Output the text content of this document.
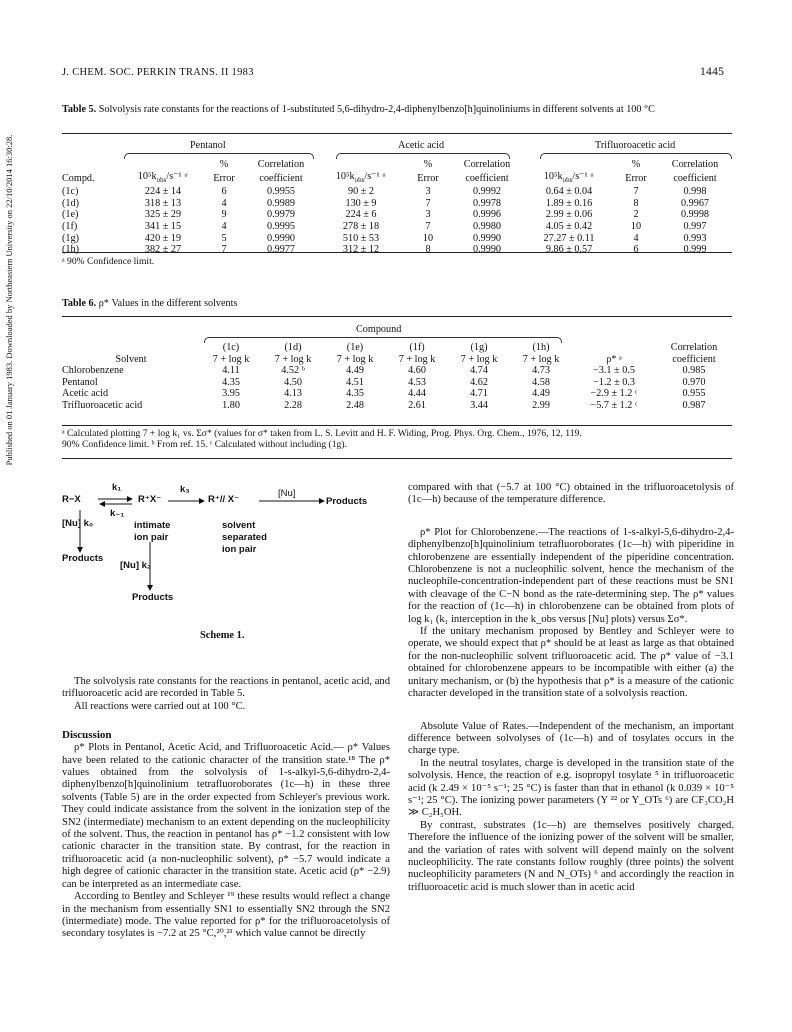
Published on 01 January 1983. Downloaded by Northeastern University on 22/10/2014 16:30:28.
J. CHEM. SOC. PERKIN TRANS. II 1983	1445
Table 5. Solvolysis rate constants for the reactions of 1-substituted 5,6-dihydro-2,4-diphenylbenzo[h]quinoliniums in different solvents at 100 °C
Pentanol	Acetic acid	Trifluoroacetic acid
		%	Correlation		%	Correlation		%	Correlation
Compd.	$10^5k_{obs}/s^{-1}$ ᵃ	Error	coefficient	$10^5k_{obs}/s^{-1}$ ᵃ	Error	coefficient	$10^5k_{obs}/s^{-1}$ ᵃ	Error	coefficient
(1c)	224 ± 14	6	0.9955	90 ± 2	3	0.9992	0.64 ± 0.04	7	0.998
(1d)	318 ± 13	4	0.9989	130 ± 9	7	0.9978	1.89 ± 0.16	8	0.9967
(1e)	325 ± 29	9	0.9979	224 ± 6	3	0.9996	2.99 ± 0.06	2	0.9998
(1f)	341 ± 15	4	0.9995	278 ± 18	7	0.9980	4.05 ± 0.42	10	0.997
(1g)	420 ± 19	5	0.9990	510 ± 53	10	0.9990	27.27 ± 0.11	4	0.993
(1h)	382 ± 27	7	0.9977	312 ± 12	8	0.9990	9.86 ± 0.57	6	0.999
ᵃ 90% Confidence limit.
Table 6. ρ* Values in the different solvents
Compound
	(1c)	(1d)	(1e)	(1f)	(1g)	(1h)		Correlation
Solvent	7 + log k	7 + log k	7 + log k	7 + log k	7 + log k	7 + log k	ρ* ᵃ	coefficient
Chlorobenzene	4.11	4.52 ᵇ	4.49	4.60	4.74	4.73	−3.1 ± 0.5	0.985
Pentanol	4.35	4.50	4.51	4.53	4.62	4.58	−1.2 ± 0.3	0.970
Acetic acid	3.95	4.13	4.35	4.44	4.71	4.49	−2.9 ± 1.2 ᶜ	0.955
Trifluoroacetic acid	1.80	2.28	2.48	2.61	3.44	2.99	−5.7 ± 1.2 ᶜ	0.987
ᵃ Calculated plotting 7 + log k₁ vs. Σσ* (values for σ* taken from L. S. Levitt and H. F. Widing, Prog. Phys. Org. Chem., 1976, 12, 119.
90% Confidence limit. ᵇ From ref. 15. ᶜ Calculated without including (1g).
R−X
k₁
k₋₁
R⁺X⁻
k₃
R⁺// X⁻
[Nu]
Products
[Nu] k₀
Products
intimate
ion pair
solvent
separated
ion pair
[Nu] k₂
Products
Scheme 1.

The solvolysis rate constants for the reactions in pentanol, acetic acid, and trifluoroacetic acid are recorded in Table 5.

All reactions were carried out at 100 °C.

Discussion

ρ* Plots in Pentanol, Acetic Acid, and Trifluoroacetic Acid.— ρ* Values have been related to the cationic character of the transition state.¹⁸ The ρ* values obtained from the solvolysis of 1-s-alkyl-5,6-dihydro-2,4-diphenylbenzo[h]quinolinium tetrafluoroborates (1c—h) in these three solvents (Table 5) are in the order expected from Schleyer's previous work. They could indicate assistance from the solvent in the ionization step of the SN2 (intermediate) mechanism to an extent depending on the nucleophilicity of the solvent. Thus, the reaction in pentanol has ρ* −1.2 consistent with low cationic character in the transition state. By contrast, for the reaction in trifluoroacetic acid (a non-nucleophilic solvent), ρ* −5.7 would indicate a high degree of cationic character in the transition state. Acetic acid (ρ* −2.9) can be interpreted as an intermediate case.

According to Bentley and Schleyer ¹⁹ these results would reflect a change in the mechanism from essentially SN1 to essentially SN2 through the SN2 (intermediate) mode. The value reported for ρ* for the trifluoroacetolysis of secondary tosylates is −7.2 at 25 °C,²⁰,²¹ which value cannot be directly

compared with that (−5.7 at 100 °C) obtained in the trifluoroacetolysis of (1c—h) because of the temperature difference.

ρ* Plot for Chlorobenzene.—The reactions of 1-s-alkyl-5,6-dihydro-2,4-diphenylbenzo[h]quinolinium tetrafluoroborates (1c—h) with piperidine in chlorobenzene are essentially independent of the piperidine concentration. Chlorobenzene is not a nucleophilic solvent, hence the mechanism of the nucleophile-concentration-independent part of these reactions must be SN1 with cleavage of the C−N bond as the rate-determining step. The ρ* values for the reaction of (1c—h) in chlorobenzene can be obtained from plots of log k₁ (k₁ interception in the k_obs versus [Nu] plots) versus Σσ*.

If the unitary mechanism proposed by Bentley and Schleyer were to operate, we should expect that ρ* should be at least as large as that obtained for the non-nucleophilic solvent trifluoroacetic acid. The ρ* value of −3.1 obtained for chlorobenzene appears to be incompatible with either (a) the unitary mechanism, or (b) the hypothesis that ρ* is a measure of the cationic character developed in the transition state of a solvolysis reaction.

Absolute Value of Rates.—Independent of the mechanism, an important difference between solvolyses of (1c—h) and of tosylates occurs in the charge type.

In the neutral tosylates, charge is developed in the transition state of the solvolysis. Hence, the reaction of e.g. isopropyl tosylate ⁵ in trifluoroacetic acid (k 2.49 × 10⁻⁵ s⁻¹; 25 °C) is faster than that in ethanol (k 0.039 × 10⁻⁵ s⁻¹; 25 °C). The ionizing power parameters (Y ²² or Y_OTs ⁶) are CF₃CO₂H ≫ C₂H₅OH.

By contrast, substrates (1c—h) are themselves positively charged. Therefore the influence of the ionizing power of the solvent will be smaller, and the variation of rates with solvent will depend mainly on the solvent nucleophilicity. The rate constants follow roughly (three points) the solvent nucleophilicity parameters (N and N_OTs) ⁶ and accordingly the reaction in trifluoroacetic acid is much slower than in acetic acid
